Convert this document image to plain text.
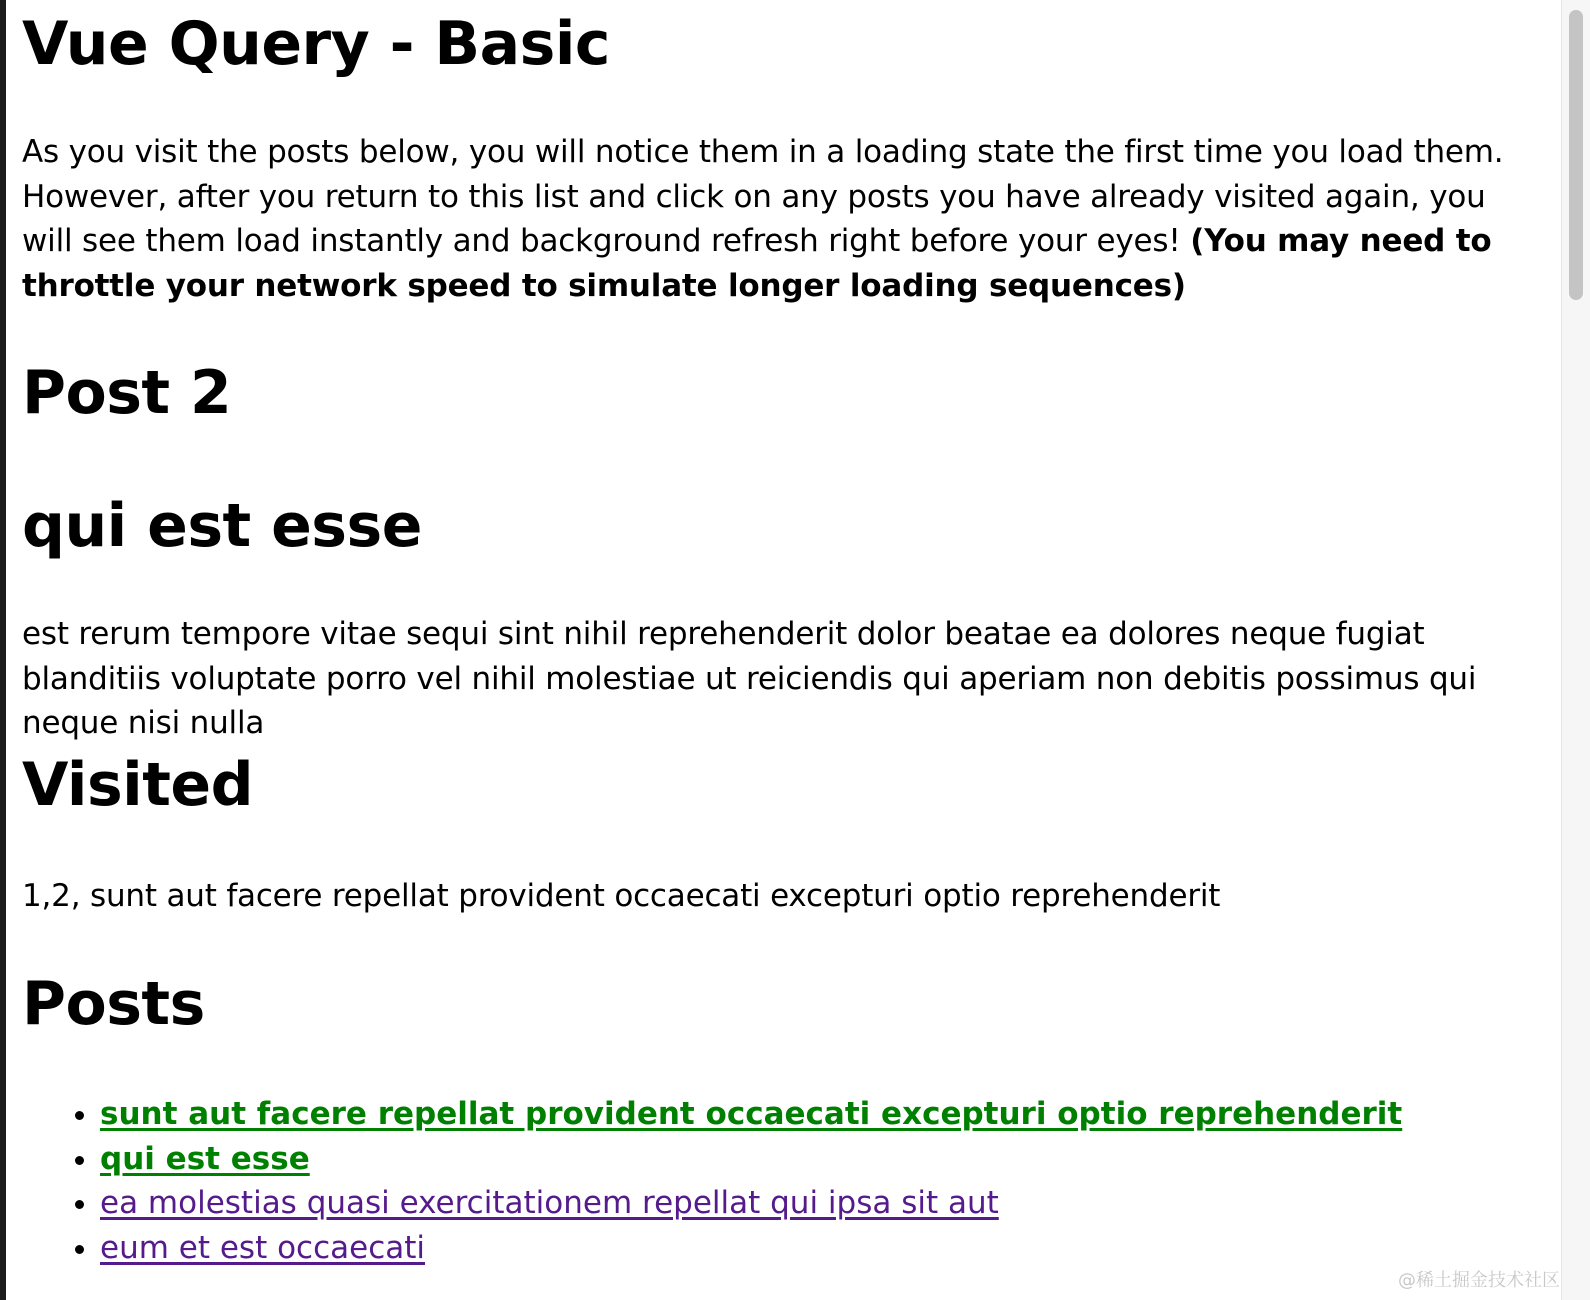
Vue Query - Basic

As you visit the posts below, you will notice them in a loading state the first time you load them. However, after you return to this list and click on any posts you have already visited again, you will see them load instantly and background refresh right before your eyes! (You may need to throttle your network speed to simulate longer loading sequences)

Post 2
qui est esse

est rerum tempore vitae sequi sint nihil reprehenderit dolor beatae ea dolores neque fugiat blanditiis voluptate porro vel nihil molestiae ut reiciendis qui aperiam non debitis possimus qui neque nisi nulla

Visited

1,2, sunt aut facere repellat provident occaecati excepturi optio reprehenderit

Posts
• sunt aut facere repellat provident occaecati excepturi optio reprehenderit
• qui est esse
• ea molestias quasi exercitationem repellat qui ipsa sit aut
• eum et est occaecati
@稀土掘金技术社区
